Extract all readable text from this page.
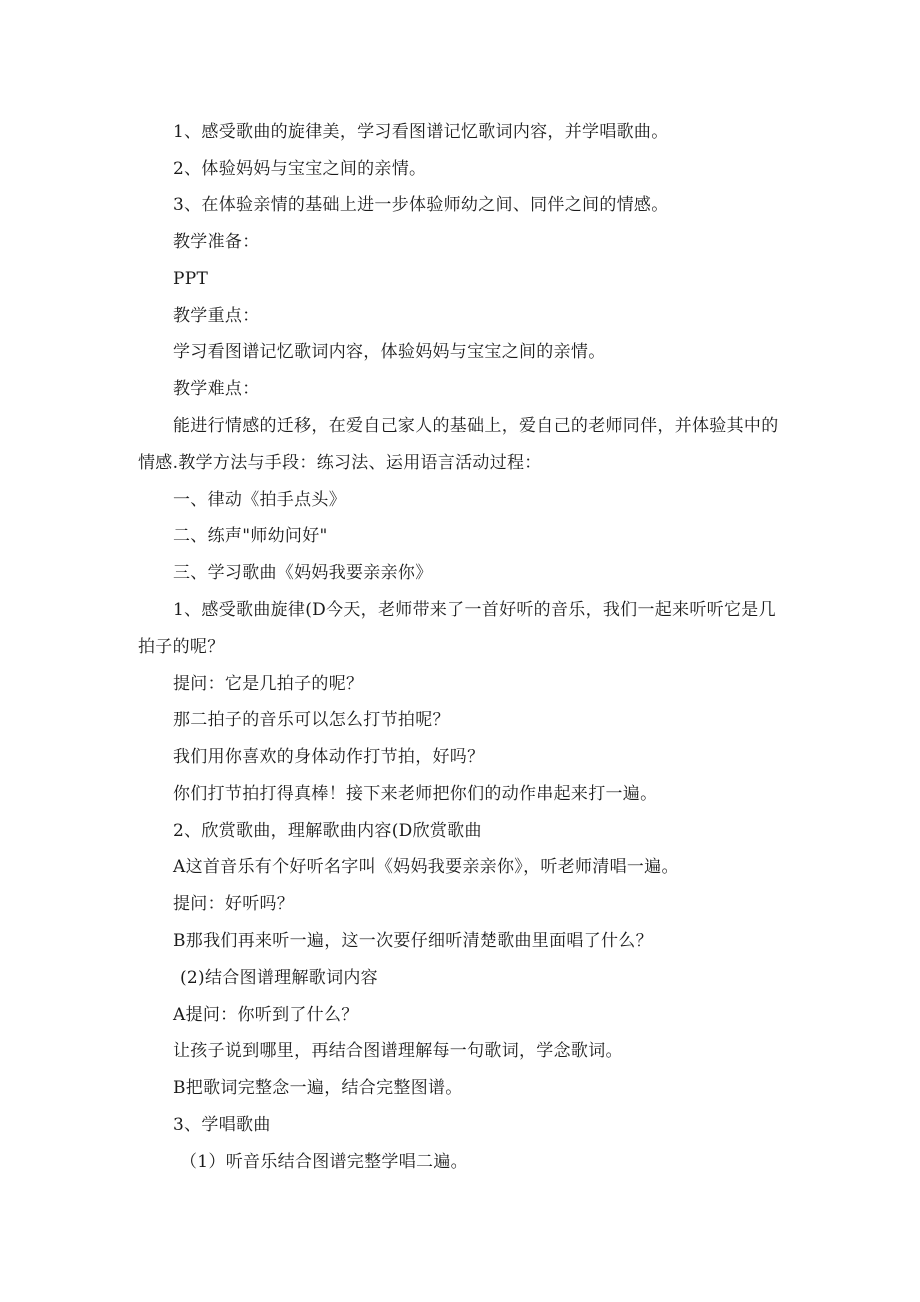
1、感受歌曲的旋律美，学习看图谱记忆歌词内容，并学唱歌曲。
2、体验妈妈与宝宝之间的亲情。
3、在体验亲情的基础上进一步体验师幼之间、同伴之间的情感。
教学准备：
PPT
教学重点：
学习看图谱记忆歌词内容，体验妈妈与宝宝之间的亲情。
教学难点：
能进行情感的迁移，在爱自己家人的基础上，爱自己的老师同伴，并体验其中的
情感.教学方法与手段：练习法、运用语言活动过程：
一、律动《拍手点头》
二、练声"师幼问好"
三、学习歌曲《妈妈我要亲亲你》
1、感受歌曲旋律(D今天，老师带来了一首好听的音乐，我们一起来听听它是几
拍子的呢？
提问：它是几拍子的呢？
那二拍子的音乐可以怎么打节拍呢？
我们用你喜欢的身体动作打节拍，好吗？
你们打节拍打得真棒！接下来老师把你们的动作串起来打一遍。
2、欣赏歌曲，理解歌曲内容(D欣赏歌曲
A这首音乐有个好听名字叫《妈妈我要亲亲你》，听老师清唱一遍。
提问：好听吗？
B那我们再来听一遍，这一次要仔细听清楚歌曲里面唱了什么？
(2)结合图谱理解歌词内容
A提问：你听到了什么？
让孩子说到哪里，再结合图谱理解每一句歌词，学念歌词。
B把歌词完整念一遍，结合完整图谱。
3、学唱歌曲
（1）听音乐结合图谱完整学唱二遍。
